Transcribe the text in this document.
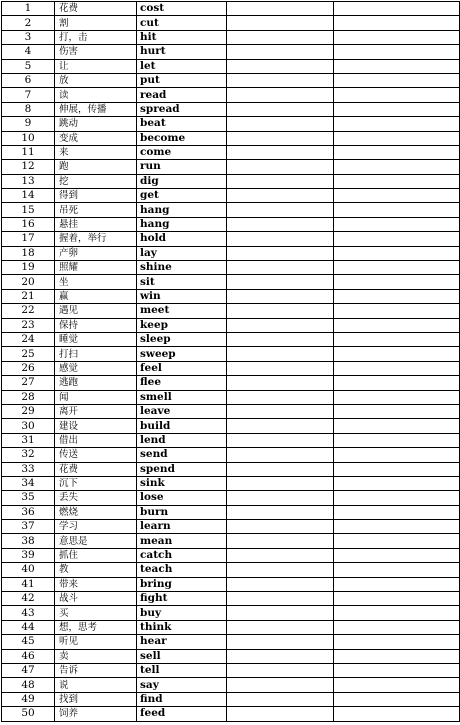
1	花费	cost		
2	割	cut		
3	打，击	hit		
4	伤害	hurt		
5	让	let		
6	放	put		
7	读	read		
8	伸展，传播	spread		
9	跳动	beat		
10	变成	become		
11	来	come		
12	跑	run		
13	挖	dig		
14	得到	get		
15	吊死	hang		
16	悬挂	hang		
17	握着，举行	hold		
18	产卵	lay		
19	照耀	shine		
20	坐	sit		
21	赢	win		
22	遇见	meet		
23	保持	keep		
24	睡觉	sleep		
25	打扫	sweep		
26	感觉	feel		
27	逃跑	flee		
28	闻	smell		
29	离开	leave		
30	建设	build		
31	借出	lend		
32	传送	send		
33	花费	spend		
34	沉下	sink		
35	丢失	lose		
36	燃烧	burn		
37	学习	learn		
38	意思是	mean		
39	抓住	catch		
40	教	teach		
41	带来	bring		
42	战斗	fight		
43	买	buy		
44	想，思考	think		
45	听见	hear		
46	卖	sell		
47	告诉	tell		
48	说	say		
49	找到	find		
50	饲养	feed		
